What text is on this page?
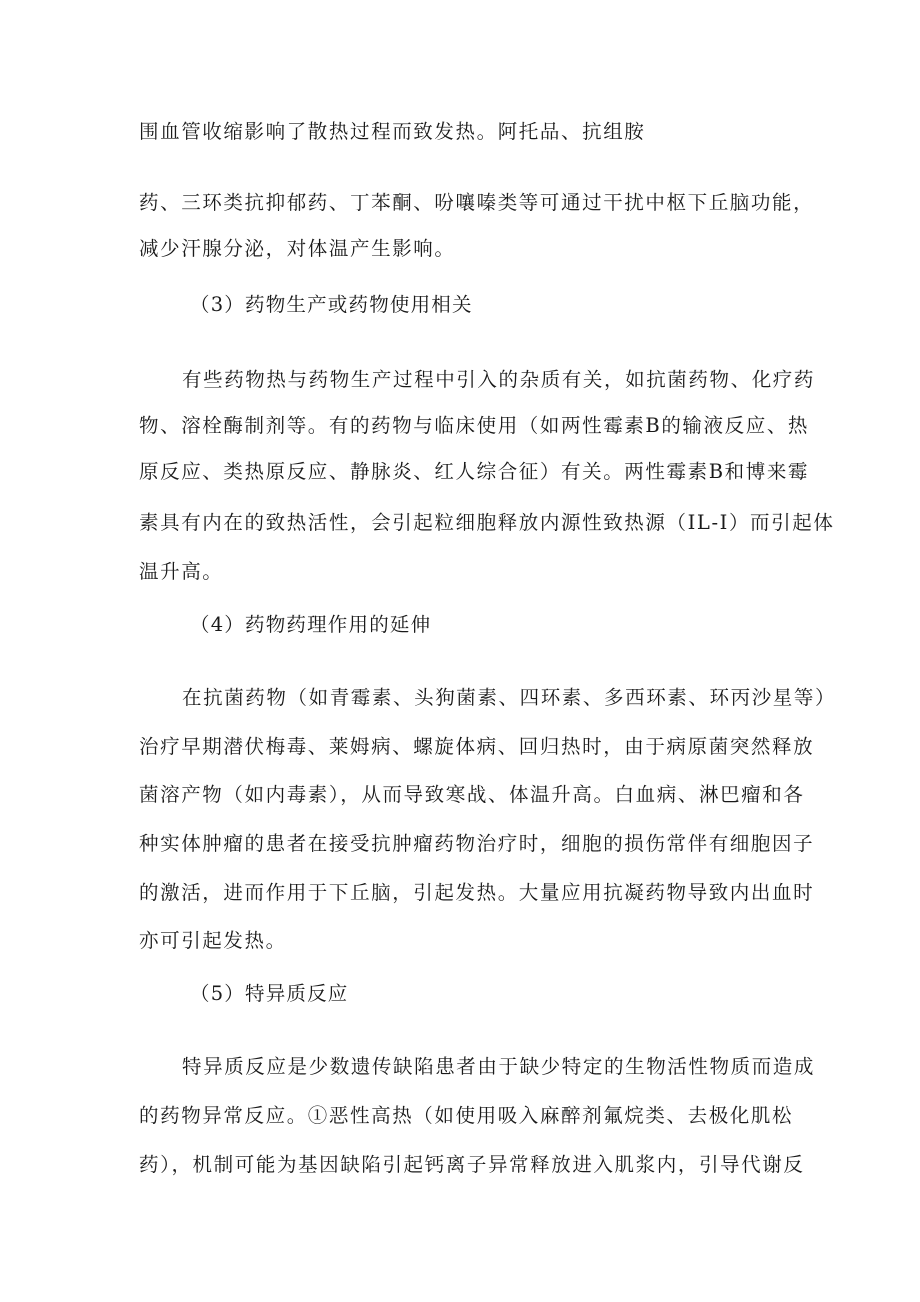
围血管收缩影响了散热过程而致发热。阿托品、抗组胺
药、三环类抗抑郁药、丁苯酮、吩嚷嗪类等可通过干扰中枢下丘脑功能，
减少汗腺分泌，对体温产生影响。
（3）药物生产或药物使用相关
有些药物热与药物生产过程中引入的杂质有关，如抗菌药物、化疗药
物、溶栓酶制剂等。有的药物与临床使用（如两性霉素B的输液反应、热
原反应、类热原反应、静脉炎、红人综合征）有关。两性霉素B和博来霉
素具有内在的致热活性，会引起粒细胞释放内源性致热源（IL-I）而引起体
温升高。
（4）药物药理作用的延伸
在抗菌药物（如青霉素、头狗菌素、四环素、多西环素、环丙沙星等）
治疗早期潜伏梅毒、莱姆病、螺旋体病、回归热时，由于病原菌突然释放
菌溶产物（如内毒素），从而导致寒战、体温升高。白血病、淋巴瘤和各
种实体肿瘤的患者在接受抗肿瘤药物治疗时，细胞的损伤常伴有细胞因子
的激活，进而作用于下丘脑，引起发热。大量应用抗凝药物导致内出血时
亦可引起发热。
（5）特异质反应
特异质反应是少数遗传缺陷患者由于缺少特定的生物活性物质而造成
的药物异常反应。①恶性高热（如使用吸入麻醉剂氟烷类、去极化肌松
药），机制可能为基因缺陷引起钙离子异常释放进入肌浆内，引导代谢反
